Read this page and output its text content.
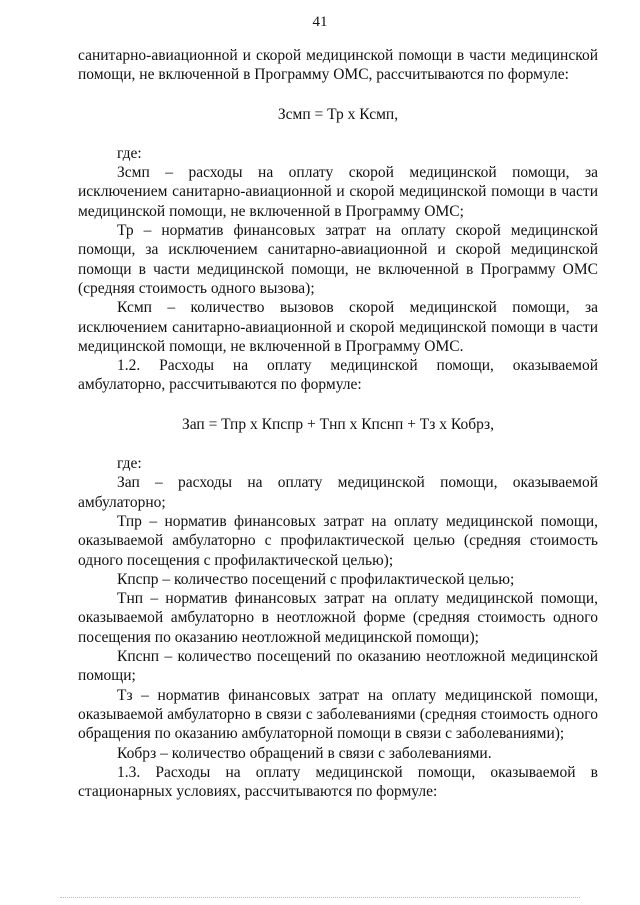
41

санитарно-авиационной и скорой медицинской помощи в части медицинской помощи, не включенной в Программу ОМС, рассчитываются по формуле:

Зсмп = Тр х Ксмп,

где:

Зсмп – расходы на оплату скорой медицинской помощи, за исключением санитарно-авиационной и скорой медицинской помощи в части медицинской помощи, не включенной в Программу ОМС;

Тр – норматив финансовых затрат на оплату скорой медицинской помощи, за исключением санитарно-авиационной и скорой медицинской помощи в части медицинской помощи, не включенной в Программу ОМС (средняя стоимость одного вызова);

Ксмп – количество вызовов скорой медицинской помощи, за исключением санитарно-авиационной и скорой медицинской помощи в части медицинской помощи, не включенной в Программу ОМС.

1.2. Расходы на оплату медицинской помощи, оказываемой амбулаторно, рассчитываются по формуле:

Зап = Тпр х Кпспр + Тнп х Кпснп + Тз х Кобрз,

где:

Зап – расходы на оплату медицинской помощи, оказываемой амбулаторно;

Тпр – норматив финансовых затрат на оплату медицинской помощи, оказываемой амбулаторно с профилактической целью (средняя стоимость одного посещения с профилактической целью);

Кпспр – количество посещений с профилактической целью;

Тнп – норматив финансовых затрат на оплату медицинской помощи, оказываемой амбулаторно в неотложной форме (средняя стоимость одного посещения по оказанию неотложной медицинской помощи);

Кпснп – количество посещений по оказанию неотложной медицинской помощи;

Тз – норматив финансовых затрат на оплату медицинской помощи, оказываемой амбулаторно в связи с заболеваниями (средняя стоимость одного обращения по оказанию амбулаторной помощи в связи с заболеваниями);

Кобрз – количество обращений в связи с заболеваниями.

1.3. Расходы на оплату медицинской помощи, оказываемой в стационарных условиях, рассчитываются по формуле:
